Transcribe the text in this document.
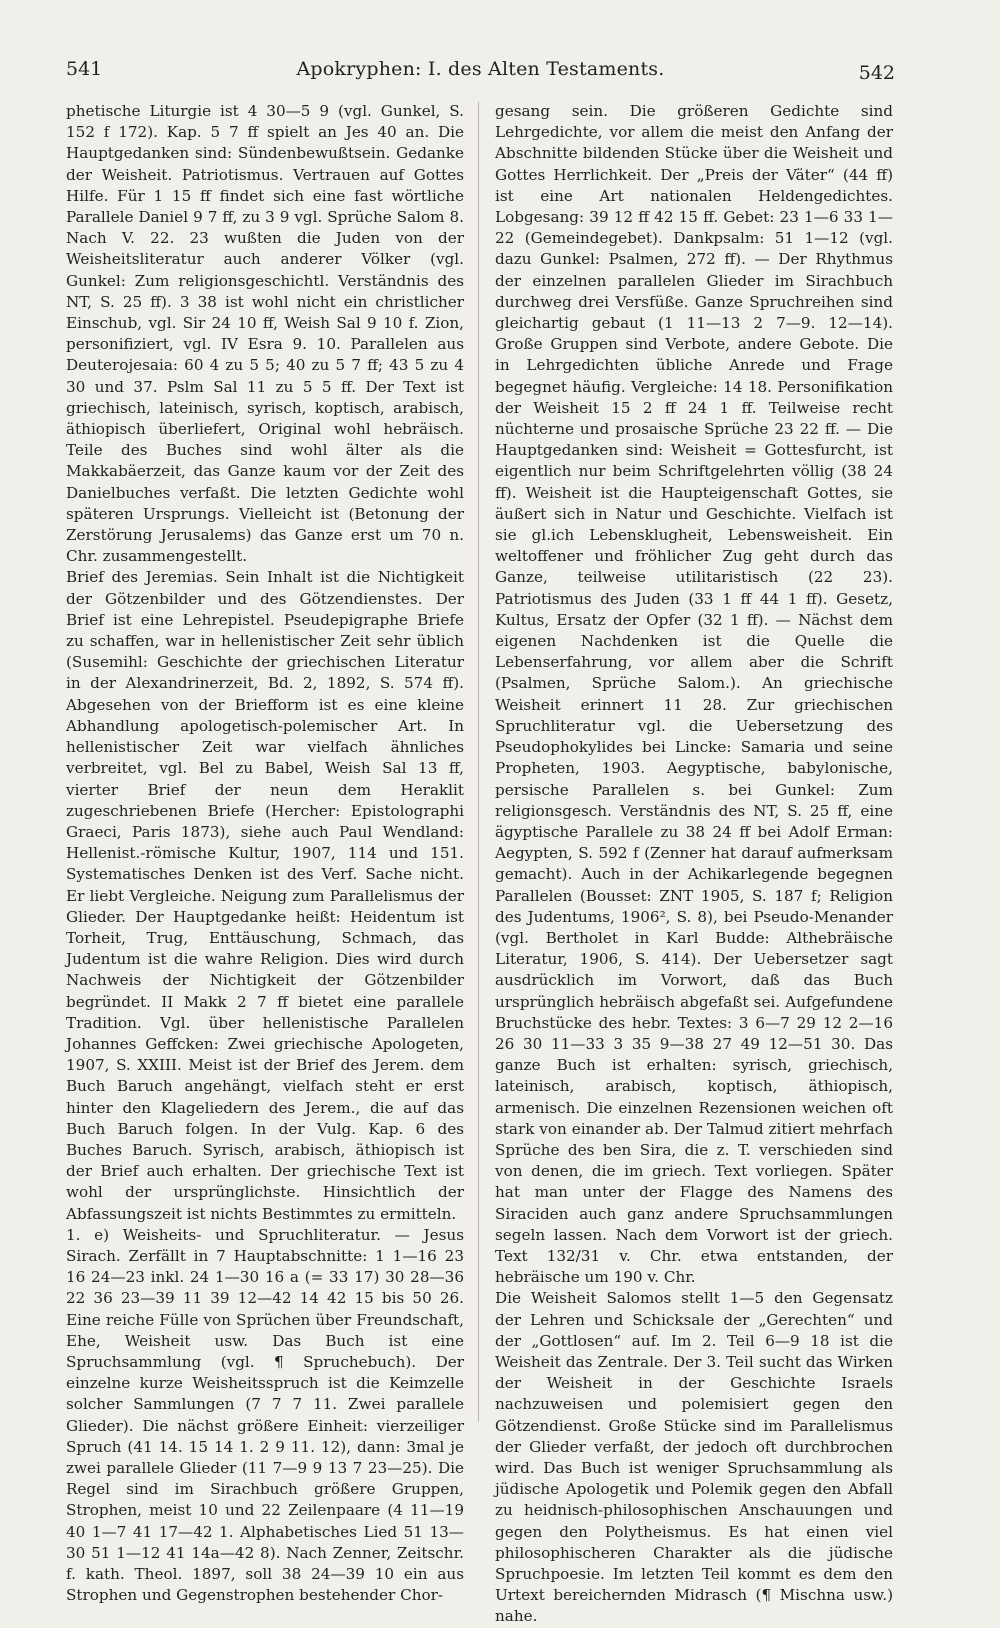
541	Apokryphen: I. des Alten Testaments.	542

phetische Liturgie ist 4 30—5 9 (vgl. Gunkel, S. 152 f 172). Kap. 5 7 ff spielt an Jes 40 an. Die Hauptgedanken sind: Sündenbewußtsein. Gedanke der Weisheit. Patriotismus. Vertrauen auf Gottes Hilfe. Für 1 15 ff findet sich eine fast wörtliche Parallele Daniel 9 7 ff, zu 3 9 vgl. Sprüche Salom 8. Nach V. 22. 23 wußten die Juden von der Weisheitsliteratur auch anderer Völker (vgl. Gunkel: Zum religionsgeschichtl. Verständnis des NT, S. 25 ff). 3 38 ist wohl nicht ein christlicher Einschub, vgl. Sir 24 10 ff, Weish Sal 9 10 f. Zion, personifiziert, vgl. IV Esra 9. 10. Parallelen aus Deuterojesaia: 60 4 zu 5 5; 40 zu 5 7 ff; 43 5 zu 4 30 und 37. Pslm Sal 11 zu 5 5 ff. Der Text ist griechisch, lateinisch, syrisch, koptisch, arabisch, äthiopisch überliefert, Original wohl hebräisch. Teile des Buches sind wohl älter als die Makkabäerzeit, das Ganze kaum vor der Zeit des Danielbuches verfaßt. Die letzten Gedichte wohl späteren Ursprungs. Vielleicht ist (Betonung der Zerstörung Jerusalems) das Ganze erst um 70 n. Chr. zusammengestellt.

Brief des Jeremias. Sein Inhalt ist die Nichtigkeit der Götzenbilder und des Götzendienstes. Der Brief ist eine Lehrepistel. Pseudepigraphe Briefe zu schaffen, war in hellenistischer Zeit sehr üblich (Susemihl: Geschichte der griechischen Literatur in der Alexandrinerzeit, Bd. 2, 1892, S. 574 ff). Abgesehen von der Briefform ist es eine kleine Abhandlung apologetisch-polemischer Art. In hellenistischer Zeit war vielfach ähnliches verbreitet, vgl. Bel zu Babel, Weish Sal 13 ff, vierter Brief der neun dem Heraklit zugeschriebenen Briefe (Hercher: Epistolographi Graeci, Paris 1873), siehe auch Paul Wendland: Hellenist.-römische Kultur, 1907, 114 und 151. Systematisches Denken ist des Verf. Sache nicht. Er liebt Vergleiche. Neigung zum Parallelismus der Glieder. Der Hauptgedanke heißt: Heidentum ist Torheit, Trug, Enttäuschung, Schmach, das Judentum ist die wahre Religion. Dies wird durch Nachweis der Nichtigkeit der Götzenbilder begründet. II Makk 2 7 ff bietet eine parallele Tradition. Vgl. über hellenistische Parallelen Johannes Geffcken: Zwei griechische Apologeten, 1907, S. XXIII. Meist ist der Brief des Jerem. dem Buch Baruch angehängt, vielfach steht er erst hinter den Klageliedern des Jerem., die auf das Buch Baruch folgen. In der Vulg. Kap. 6 des Buches Baruch. Syrisch, arabisch, äthiopisch ist der Brief auch erhalten. Der griechische Text ist wohl der ursprünglichste. Hinsichtlich der Abfassungszeit ist nichts Bestimmtes zu ermitteln.

1. e) Weisheits- und Spruchliteratur. — Jesus Sirach. Zerfällt in 7 Hauptabschnitte: 1 1—16 23 16 24—23 inkl. 24 1—30 16 a (= 33 17) 30 28—36 22 36 23—39 11 39 12—42 14 42 15 bis 50 26. Eine reiche Fülle von Sprüchen über Freundschaft, Ehe, Weisheit usw. Das Buch ist eine Spruchsammlung (vgl. ¶ Spruchebuch). Der einzelne kurze Weisheitsspruch ist die Keimzelle solcher Sammlungen (7 7 7 11. Zwei parallele Glieder). Die nächst größere Einheit: vierzeiliger Spruch (41 14. 15 14 1. 2 9 11. 12), dann: 3mal je zwei parallele Glieder (11 7—9 9 13 7 23—25). Die Regel sind im Sirachbuch größere Gruppen, Strophen, meist 10 und 22 Zeilenpaare (4 11—19 40 1—7 41 17—42 1. Alphabetisches Lied 51 13—30 51 1—12 41 14a—42 8). Nach Zenner, Zeitschr. f. kath. Theol. 1897, soll 38 24—39 10 ein aus Strophen und Gegenstrophen bestehender Chor-

gesang sein. Die größeren Gedichte sind Lehrgedichte, vor allem die meist den Anfang der Abschnitte bildenden Stücke über die Weisheit und Gottes Herrlichkeit. Der „Preis der Väter“ (44 ff) ist eine Art nationalen Heldengedichtes. Lobgesang: 39 12 ff 42 15 ff. Gebet: 23 1—6 33 1—22 (Gemeindegebet). Dankpsalm: 51 1—12 (vgl. dazu Gunkel: Psalmen, 272 ff). — Der Rhythmus der einzelnen parallelen Glieder im Sirachbuch durchweg drei Versfüße. Ganze Spruchreihen sind gleichartig gebaut (1 11—13 2 7—9. 12—14). Große Gruppen sind Verbote, andere Gebote. Die in Lehrgedichten übliche Anrede und Frage begegnet häufig. Vergleiche: 14 18. Personifikation der Weisheit 15 2 ff 24 1 ff. Teilweise recht nüchterne und prosaische Sprüche 23 22 ff. — Die Hauptgedanken sind: Weisheit = Gottesfurcht, ist eigentlich nur beim Schriftgelehrten völlig (38 24 ff). Weisheit ist die Haupteigenschaft Gottes, sie äußert sich in Natur und Geschichte. Vielfach ist sie gl.ich Lebensklugheit, Lebensweisheit. Ein weltoffener und fröhlicher Zug geht durch das Ganze, teilweise utilitaristisch (22 23). Patriotismus des Juden (33 1 ff 44 1 ff). Gesetz, Kultus, Ersatz der Opfer (32 1 ff). — Nächst dem eigenen Nachdenken ist die Quelle die Lebenserfahrung, vor allem aber die Schrift (Psalmen, Sprüche Salom.). An griechische Weisheit erinnert 11 28. Zur griechischen Spruchliteratur vgl. die Uebersetzung des Pseudophokylides bei Lincke: Samaria und seine Propheten, 1903. Aegyptische, babylonische, persische Parallelen s. bei Gunkel: Zum religionsgesch. Verständnis des NT, S. 25 ff, eine ägyptische Parallele zu 38 24 ff bei Adolf Erman: Aegypten, S. 592 f (Zenner hat darauf aufmerksam gemacht). Auch in der Achikarlegende begegnen Parallelen (Bousset: ZNT 1905, S. 187 f; Religion des Judentums, 1906², S. 8), bei Pseudo-Menander (vgl. Bertholet in Karl Budde: Althebräische Literatur, 1906, S. 414). Der Uebersetzer sagt ausdrücklich im Vorwort, daß das Buch ursprünglich hebräisch abgefaßt sei. Aufgefundene Bruchstücke des hebr. Textes: 3 6—7 29 12 2—16 26 30 11—33 3 35 9—38 27 49 12—51 30. Das ganze Buch ist erhalten: syrisch, griechisch, lateinisch, arabisch, koptisch, äthiopisch, armenisch. Die einzelnen Rezensionen weichen oft stark von einander ab. Der Talmud zitiert mehrfach Sprüche des ben Sira, die z. T. verschieden sind von denen, die im griech. Text vorliegen. Später hat man unter der Flagge des Namens des Siraciden auch ganz andere Spruchsammlungen segeln lassen. Nach dem Vorwort ist der griech. Text 132/31 v. Chr. etwa entstanden, der hebräische um 190 v. Chr.

Die Weisheit Salomos stellt 1—5 den Gegensatz der Lehren und Schicksale der „Gerechten“ und der „Gottlosen“ auf. Im 2. Teil 6—9 18 ist die Weisheit das Zentrale. Der 3. Teil sucht das Wirken der Weisheit in der Geschichte Israels nachzuweisen und polemisiert gegen den Götzendienst. Große Stücke sind im Parallelismus der Glieder verfaßt, der jedoch oft durchbrochen wird. Das Buch ist weniger Spruchsammlung als jüdische Apologetik und Polemik gegen den Abfall zu heidnisch-philosophischen Anschauungen und gegen den Polytheismus. Es hat einen viel philosophischeren Charakter als die jüdische Spruchpoesie. Im letzten Teil kommt es dem den Urtext bereichernden Midrasch (¶ Mischna usw.) nahe.
